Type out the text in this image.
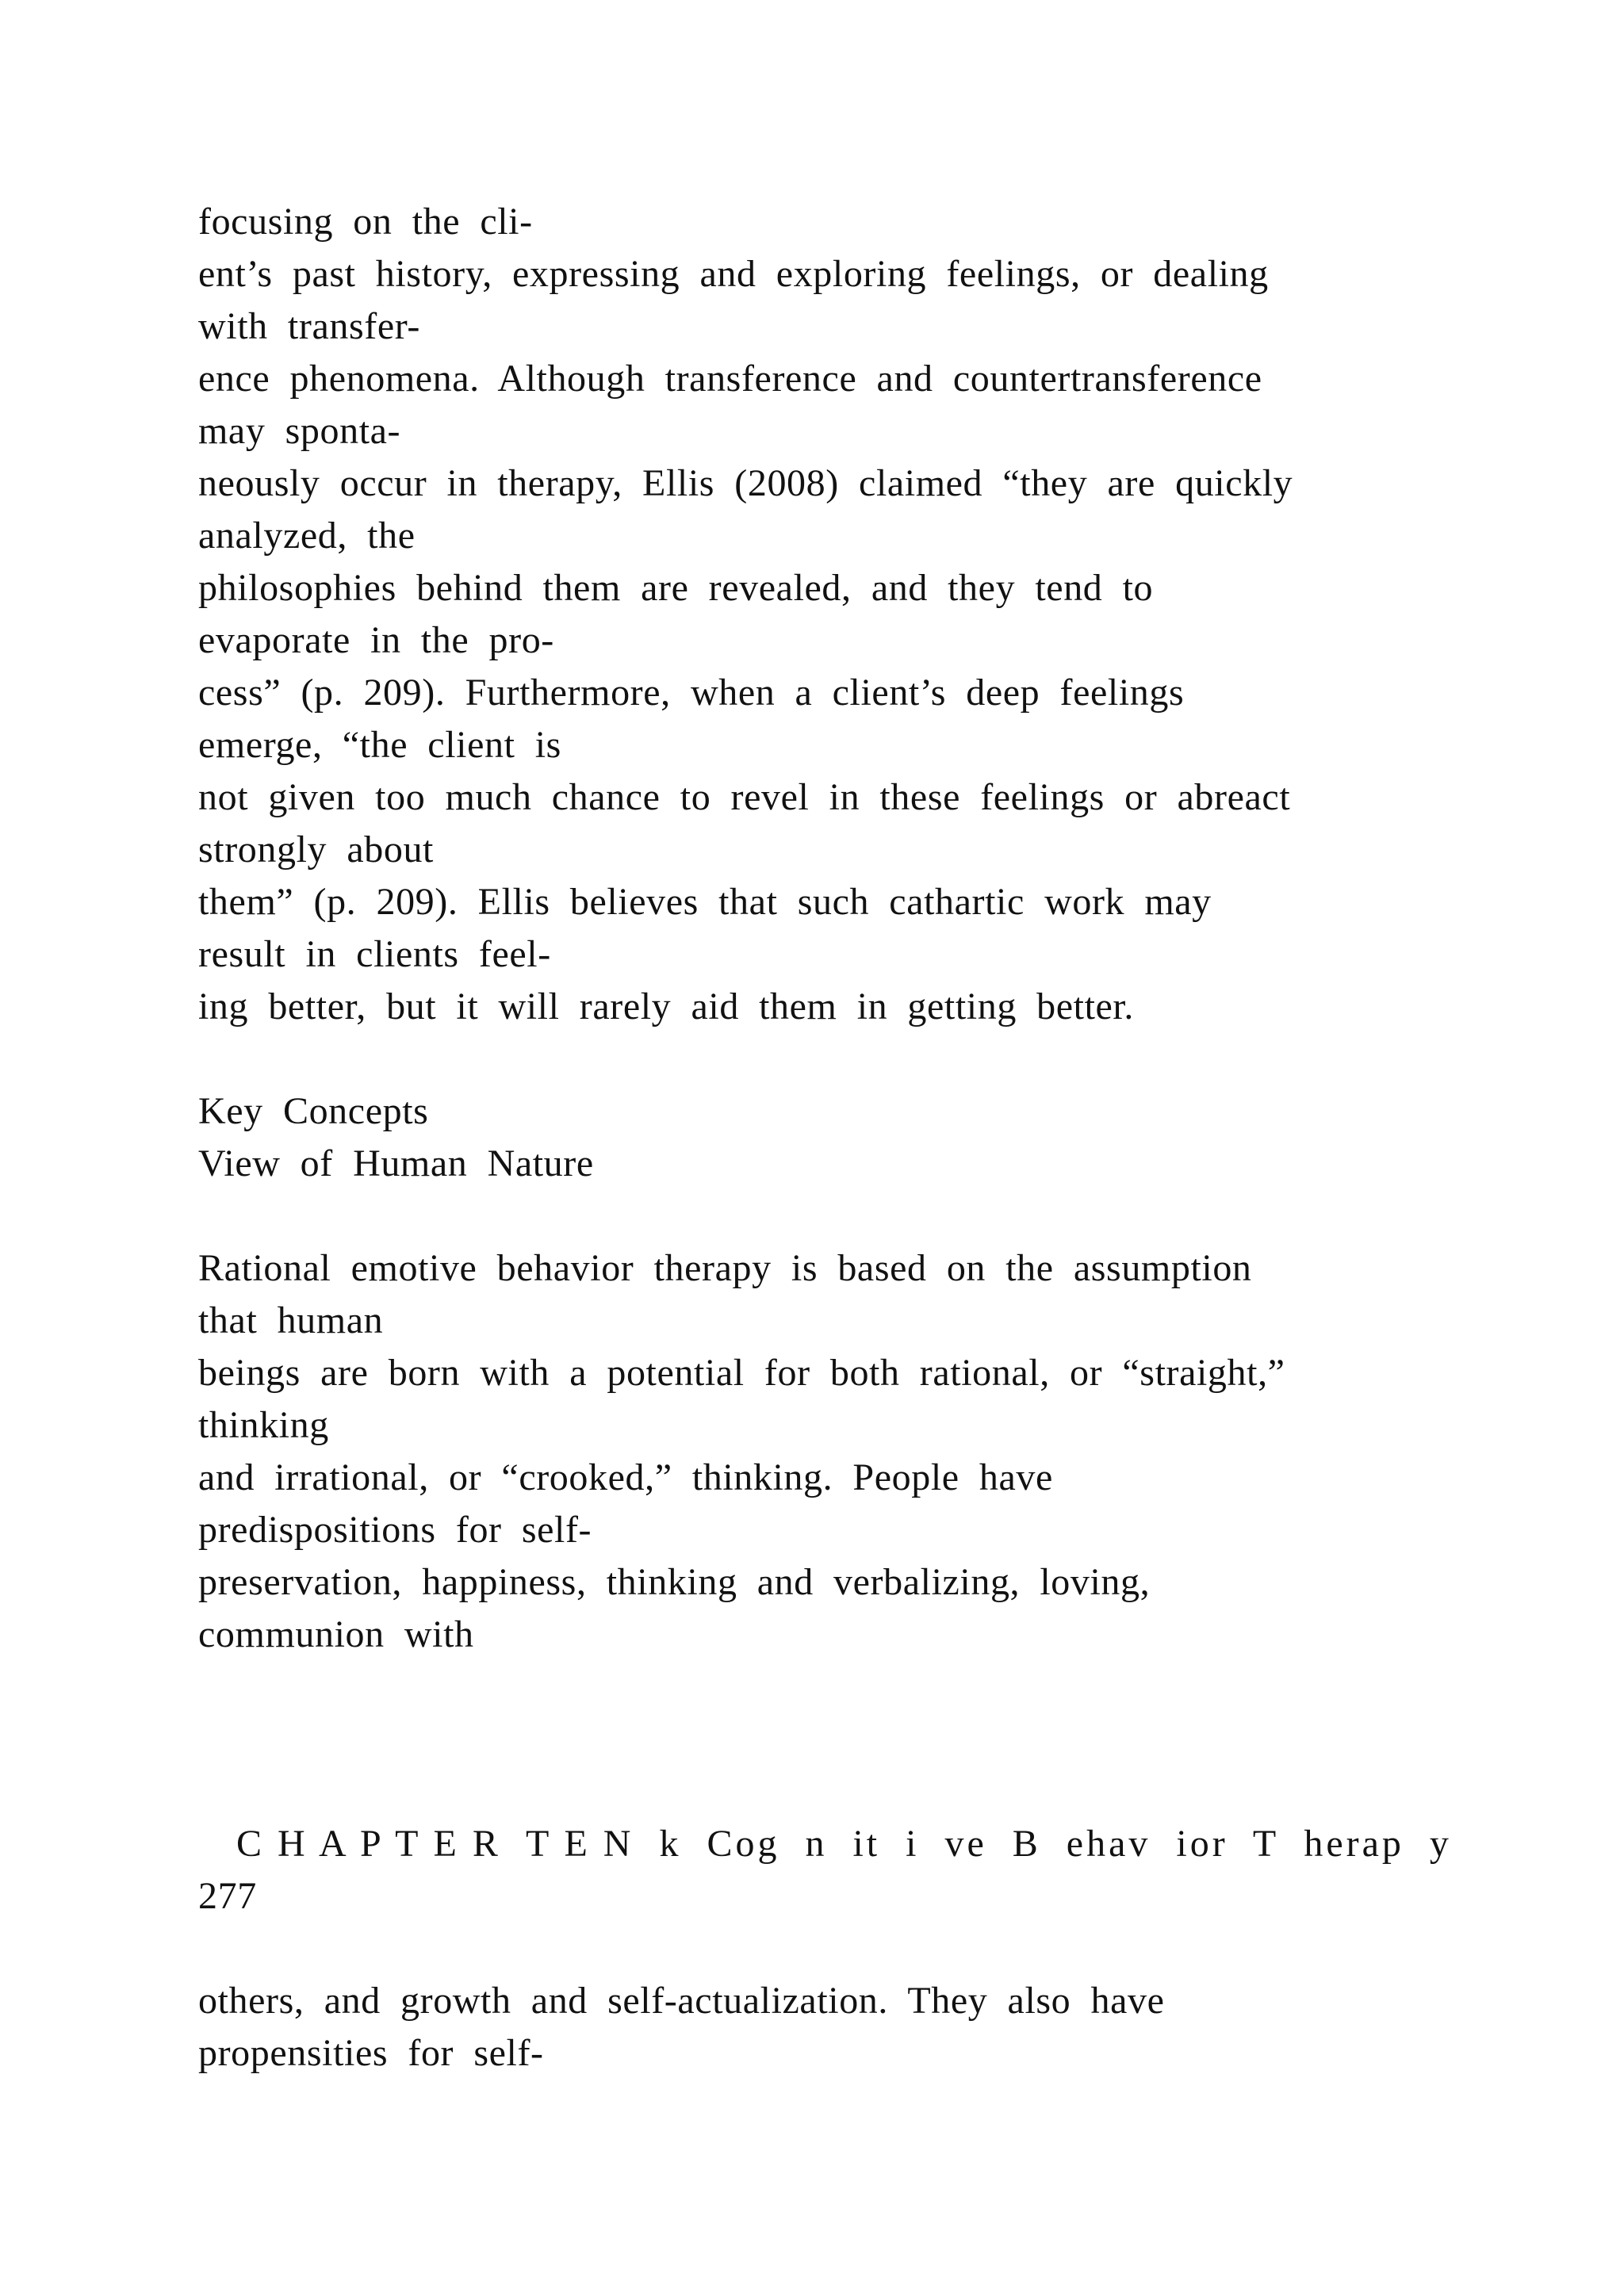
focusing  on  the  cli-
ent’s  past  history,  expressing  and  exploring  feelings,  or  dealing
with  transfer-
ence  phenomena.  Although  transference  and  countertransference
may  sponta-
neously  occur  in  therapy,  Ellis  (2008)  claimed  “they  are  quickly
analyzed,  the
philosophies  behind  them  are  revealed,  and  they  tend  to
evaporate  in  the  pro-
cess”  (p.  209).  Furthermore,  when  a  client’s  deep  feelings
emerge,  “the  client  is
not  given  too  much  chance  to  revel  in  these  feelings  or  abreact
strongly  about
them”  (p.  209).  Ellis  believes  that  such  cathartic  work  may
result  in  clients  feel-
ing  better,  but  it  will  rarely  aid  them  in  getting  better.
Key  Concepts
View  of  Human  Nature
Rational  emotive  behavior  therapy  is  based  on  the  assumption
that  human
beings  are  born  with  a  potential  for  both  rational,  or  “straight,”
thinking
and  irrational,  or  “crooked,”  thinking.  People  have
predispositions  for  self-
preservation,  happiness,  thinking  and  verbalizing,  loving,
communion  with
C H A P T E R  T E N  k  Cog  n  it  i  ve  B  ehav  ior  T  herap  y
277
others,  and  growth  and  self-actualization.  They  also  have
propensities  for  self-
